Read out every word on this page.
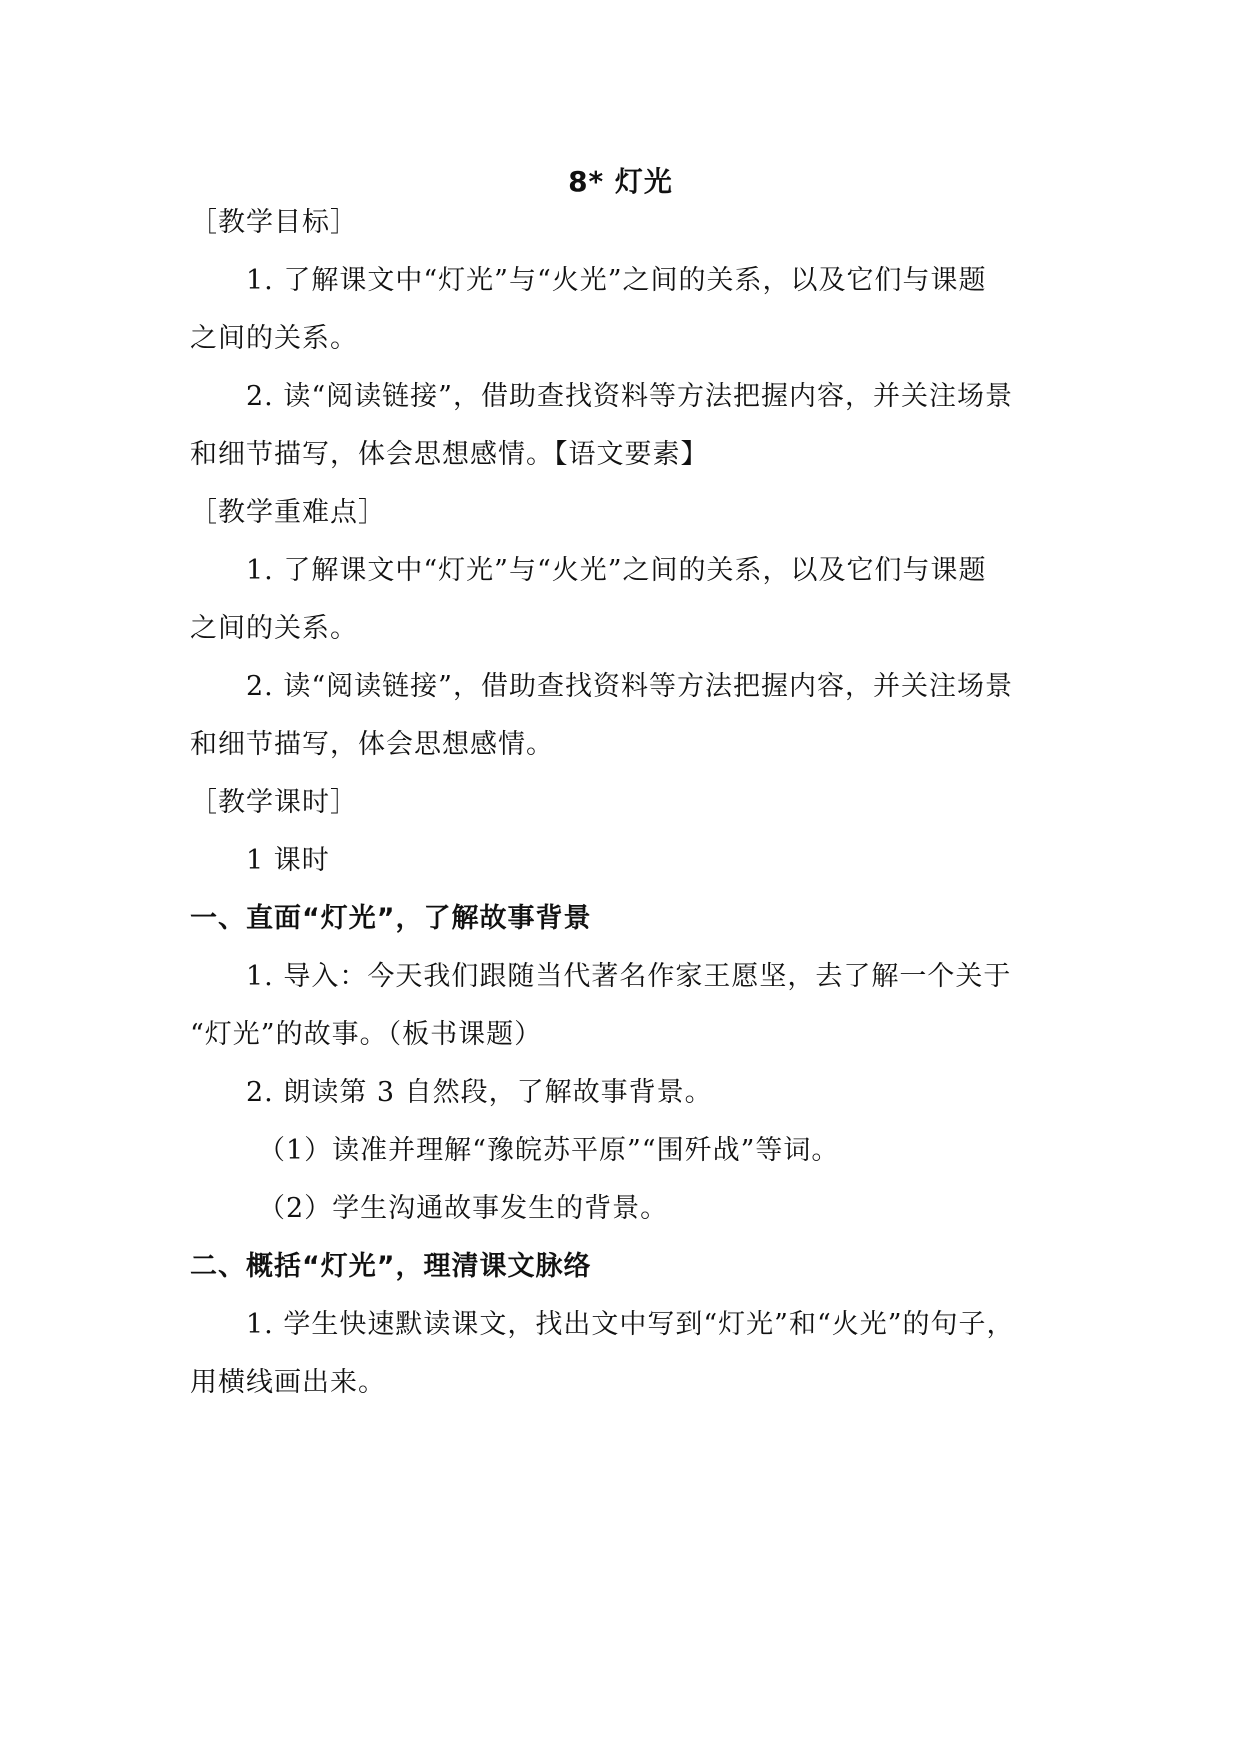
8* 灯光
［教学目标］
1. 了解课文中“灯光”与“火光”之间的关系，以及它们与课题
之间的关系。
2. 读“阅读链接”，借助查找资料等方法把握内容，并关注场景
和细节描写，体会思想感情。【语文要素】
［教学重难点］
1. 了解课文中“灯光”与“火光”之间的关系，以及它们与课题
之间的关系。
2. 读“阅读链接”，借助查找资料等方法把握内容，并关注场景
和细节描写，体会思想感情。
［教学课时］
1 课时
一、直面“灯光”，了解故事背景
1. 导入：今天我们跟随当代著名作家王愿坚，去了解一个关于
“灯光”的故事。（板书课题）
2. 朗读第 3 自然段，了解故事背景。
（1）读准并理解“豫皖苏平原”“围歼战”等词。
（2）学生沟通故事发生的背景。
二、概括“灯光”，理清课文脉络
1. 学生快速默读课文，找出文中写到“灯光”和“火光”的句子，
用横线画出来。
